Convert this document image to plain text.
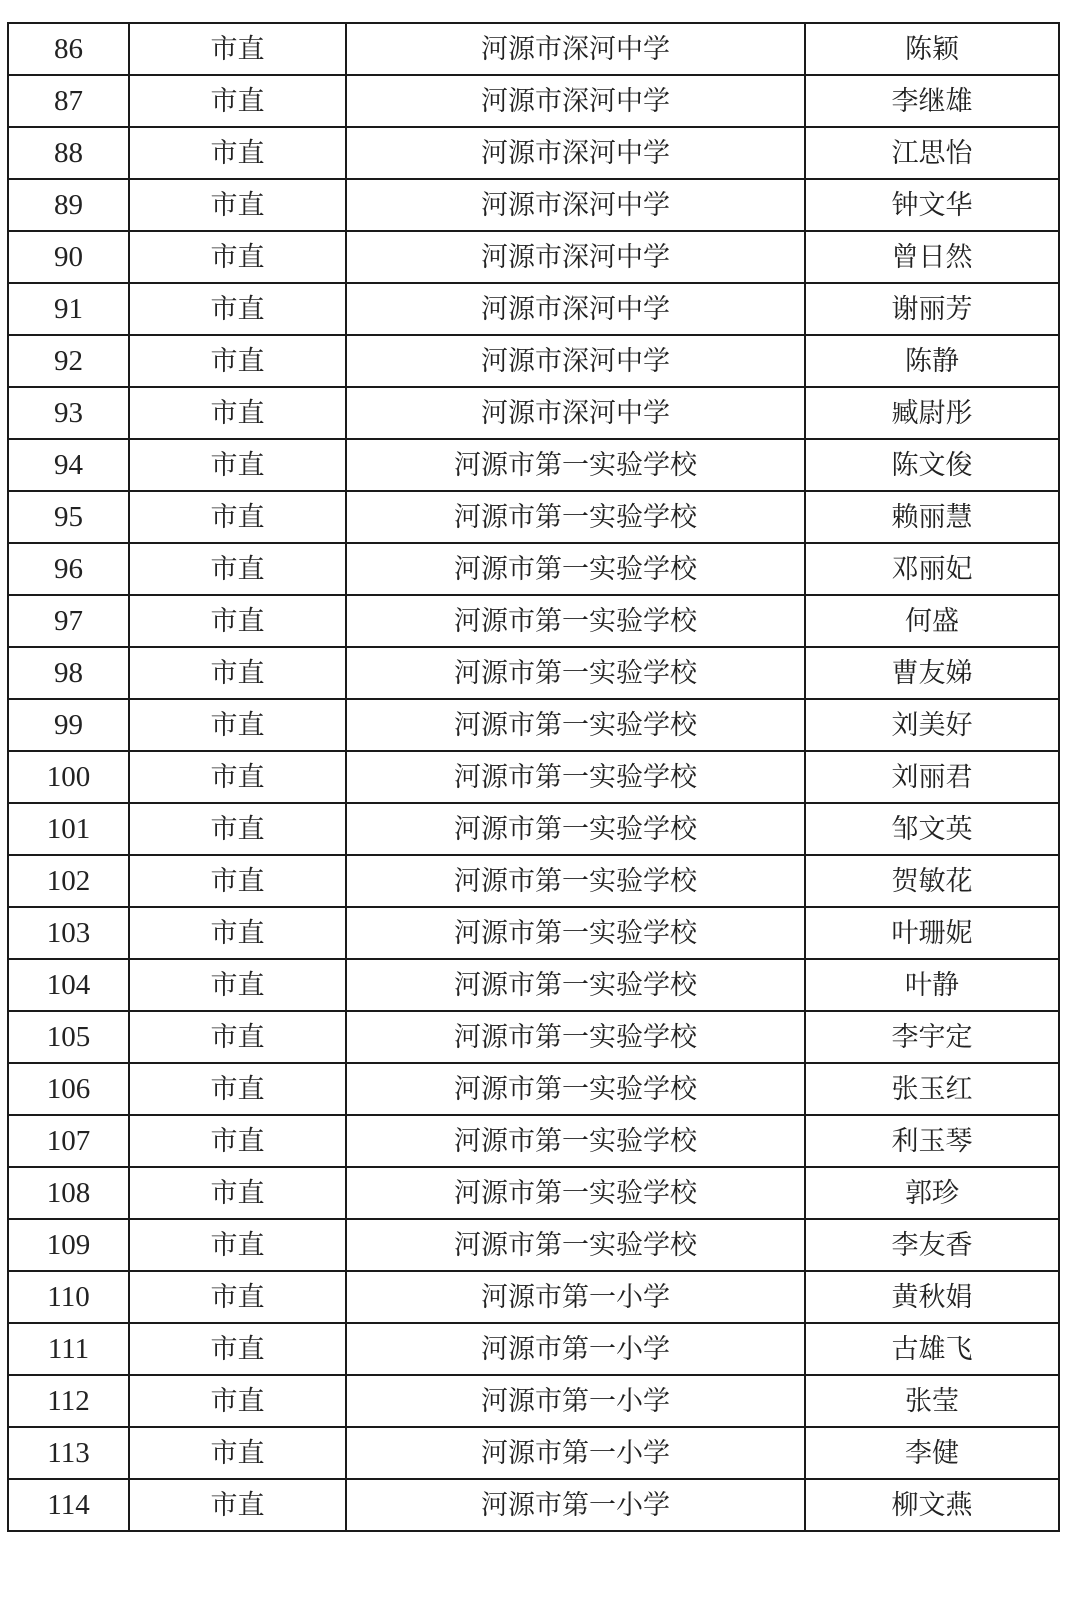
86	市直	河源市深河中学	陈颖
87	市直	河源市深河中学	李继雄
88	市直	河源市深河中学	江思怡
89	市直	河源市深河中学	钟文华
90	市直	河源市深河中学	曾日然
91	市直	河源市深河中学	谢丽芳
92	市直	河源市深河中学	陈静
93	市直	河源市深河中学	臧尉彤
94	市直	河源市第一实验学校	陈文俊
95	市直	河源市第一实验学校	赖丽慧
96	市直	河源市第一实验学校	邓丽妃
97	市直	河源市第一实验学校	何盛
98	市直	河源市第一实验学校	曹友娣
99	市直	河源市第一实验学校	刘美好
100	市直	河源市第一实验学校	刘丽君
101	市直	河源市第一实验学校	邹文英
102	市直	河源市第一实验学校	贺敏花
103	市直	河源市第一实验学校	叶珊妮
104	市直	河源市第一实验学校	叶静
105	市直	河源市第一实验学校	李宇定
106	市直	河源市第一实验学校	张玉红
107	市直	河源市第一实验学校	利玉琴
108	市直	河源市第一实验学校	郭珍
109	市直	河源市第一实验学校	李友香
110	市直	河源市第一小学	黄秋娟
111	市直	河源市第一小学	古雄飞
112	市直	河源市第一小学	张莹
113	市直	河源市第一小学	李健
114	市直	河源市第一小学	柳文燕
